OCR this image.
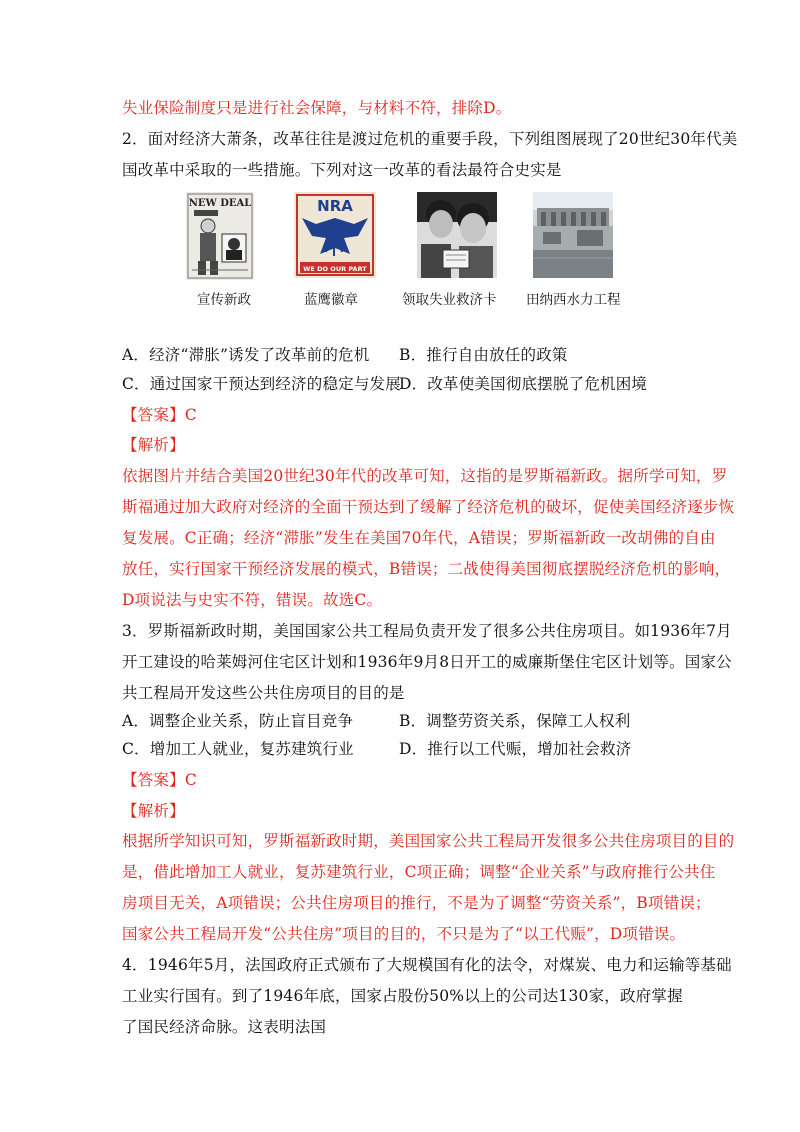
失业保险制度只是进行社会保障，与材料不符，排除D。
2．面对经济大萧条，改革往往是渡过危机的重要手段，下列组图展现了20世纪30年代美
国改革中采取的一些措施。下列对这一改革的看法最符合史实是
NEW DEAL	NRA
WE DO OUR PART
宣传新政	蓝鹰徽章	领取失业救济卡 田纳西水力工程
A．经济“滞胀”诱发了改革前的危机 B．推行自由放任的政策
C．通过国家干预达到经济的稳定与发展
D．改革使美国彻底摆脱了危机困境
【答案】C
【解析】
依据图片并结合美国20世纪30年代的改革可知，这指的是罗斯福新政。据所学可知，罗
斯福通过加大政府对经济的全面干预达到了缓解了经济危机的破坏，促使美国经济逐步恢
复发展。C正确；经济“滞胀”发生在美国70年代，A错误；罗斯福新政一改胡佛的自由
放任，实行国家干预经济发展的模式，B错误；二战使得美国彻底摆脱经济危机的影响，
D项说法与史实不符，错误。故选C。
3．罗斯福新政时期，美国国家公共工程局负责开发了很多公共住房项目。如1936年7月
开工建设的哈莱姆河住宅区计划和1936年9月8日开工的威廉斯堡住宅区计划等。国家公
共工程局开发这些公共住房项目的目的是
A．调整企业关系，防止盲目竞争	B．调整劳资关系，保障工人权利
C．增加工人就业，复苏建筑行业	D．推行以工代赈，增加社会救济
【答案】C
【解析】
根据所学知识可知，罗斯福新政时期，美国国家公共工程局开发很多公共住房项目的目的
是，借此增加工人就业，复苏建筑行业，C项正确；调整“企业关系”与政府推行公共住
房项目无关，A项错误；公共住房项目的推行，不是为了调整“劳资关系”，B项错误；
国家公共工程局开发“公共住房”项目的目的，不只是为了“以工代赈”，D项错误。
4．1946年5月，法国政府正式颁布了大规模国有化的法令，对煤炭、电力和运输等基础
工业实行国有。到了1946年底，国家占股份50%以上的公司达130家，政府掌握
了国民经济命脉。这表明法国
